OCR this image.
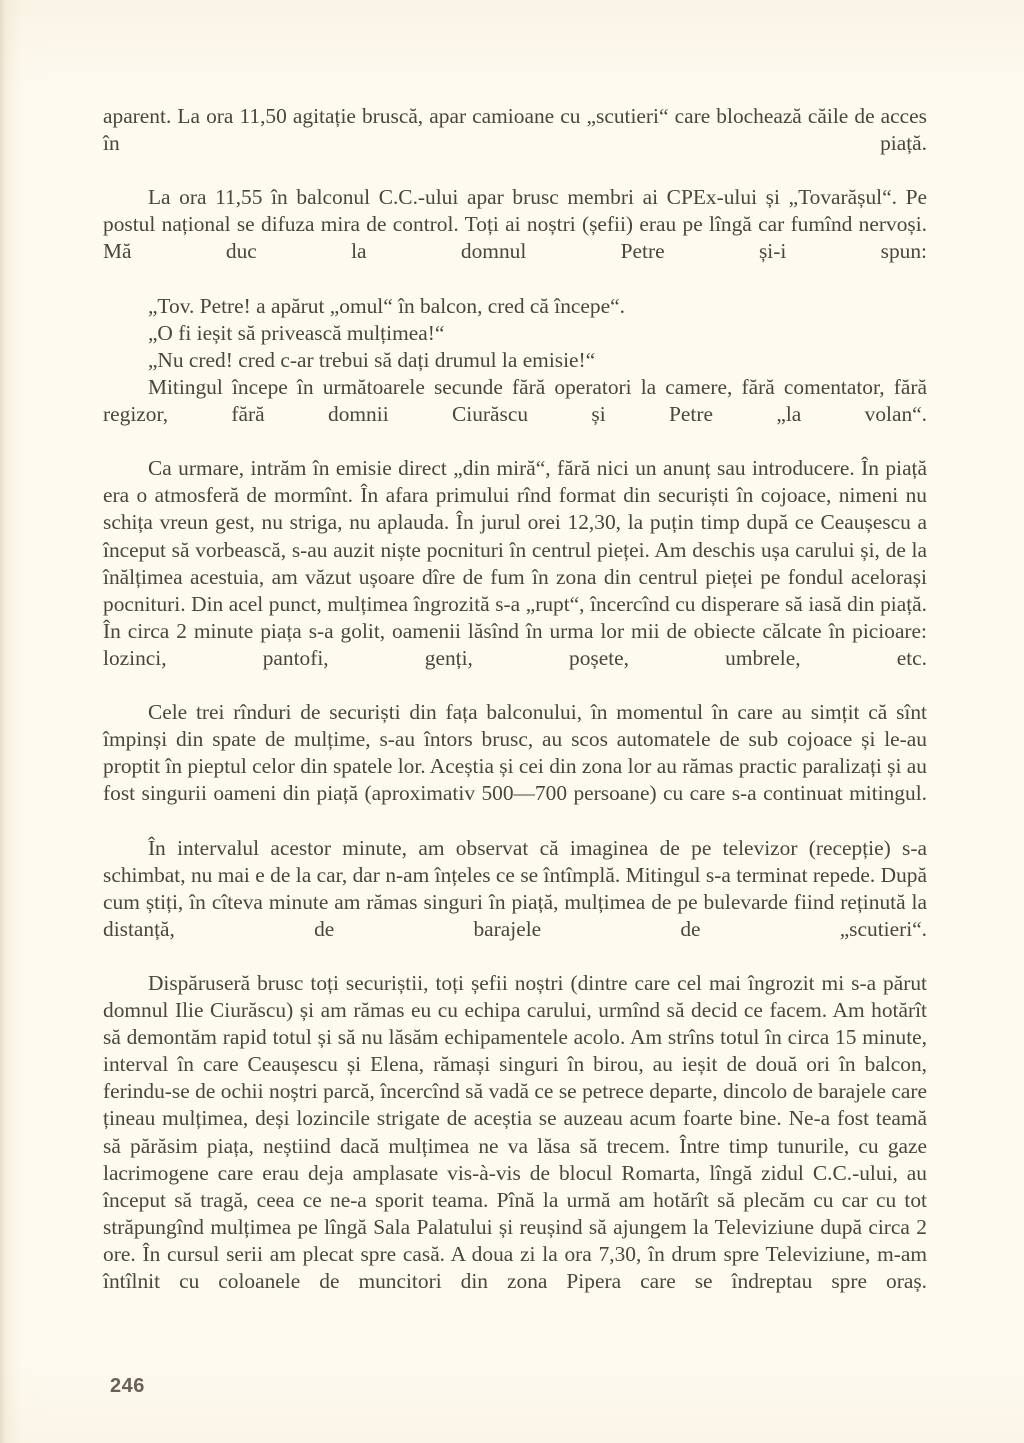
aparent. La ora 11,50 agitație bruscă, apar camioane cu „scutieri“ care blochează căile de acces în piață.

La ora 11,55 în balconul C.C.-ului apar brusc membri ai CPEx-ului și „Tovarășul“. Pe postul național se difuza mira de control. Toți ai noștri (șefii) erau pe lîngă car fumînd nervoși. Mă duc la domnul Petre și-i spun:

„Tov. Petre! a apărut „omul“ în balcon, cred că începe“.

„O fi ieșit să privească mulțimea!“

„Nu cred! cred c-ar trebui să dați drumul la emisie!“

Mitingul începe în următoarele secunde fără operatori la camere, fără comentator, fără regizor, fără domnii Ciurăscu și Petre „la volan“.

Ca urmare, intrăm în emisie direct „din miră“, fără nici un anunț sau introducere. În piață era o atmosferă de mormînt. În afara primului rînd format din securiști în cojoace, nimeni nu schița vreun gest, nu striga, nu aplauda. În jurul orei 12,30, la puțin timp după ce Ceaușescu a început să vorbească, s-au auzit niște pocnituri în centrul pieței. Am deschis ușa carului și, de la înălțimea acestuia, am văzut ușoare dîre de fum în zona din centrul pieței pe fondul acelorași pocnituri. Din acel punct, mulțimea îngrozită s-a „rupt“, încercînd cu disperare să iasă din piață. În circa 2 minute piața s-a golit, oamenii lăsînd în urma lor mii de obiecte călcate în picioare: lozinci, pantofi, genți, poșete, umbrele, etc.

Cele trei rînduri de securiști din fața balconului, în momentul în care au simțit că sînt împinși din spate de mulțime, s-au întors brusc, au scos automatele de sub cojoace și le-au proptit în pieptul celor din spatele lor. Aceștia și cei din zona lor au rămas practic paralizați și au fost singurii oameni din piață (aproximativ 500—700 persoane) cu care s-a continuat mitingul.

În intervalul acestor minute, am observat că imaginea de pe televizor (recepție) s-a schimbat, nu mai e de la car, dar n-am înțeles ce se întîmplă. Mitingul s-a terminat repede. După cum știți, în cîteva minute am rămas singuri în piață, mulțimea de pe bulevarde fiind reținută la distanță, de barajele de „scutieri“.

Dispăruseră brusc toți securiștii, toți șefii noștri (dintre care cel mai îngrozit mi s-a părut domnul Ilie Ciurăscu) și am rămas eu cu echipa carului, urmînd să decid ce facem. Am hotărît să demontăm rapid totul și să nu lăsăm echipamentele acolo. Am strîns totul în circa 15 minute, interval în care Ceaușescu și Elena, rămași singuri în birou, au ieșit de două ori în balcon, ferindu-se de ochii noștri parcă, încercînd să vadă ce se petrece departe, dincolo de barajele care țineau mulțimea, deși lozincile strigate de aceștia se auzeau acum foarte bine. Ne-a fost teamă să părăsim piața, neștiind dacă mulțimea ne va lăsa să trecem. Între timp tunurile, cu gaze lacrimogene care erau deja amplasate vis-à-vis de blocul Romarta, lîngă zidul C.C.-ului, au început să tragă, ceea ce ne-a sporit teama. Pînă la urmă am hotărît să plecăm cu car cu tot străpungînd mulțimea pe lîngă Sala Palatului și reușind să ajungem la Televiziune după circa 2 ore. În cursul serii am plecat spre casă. A doua zi la ora 7,30, în drum spre Televiziune, m-am întîlnit cu coloanele de muncitori din zona Pipera care se îndreptau spre oraș.

246
